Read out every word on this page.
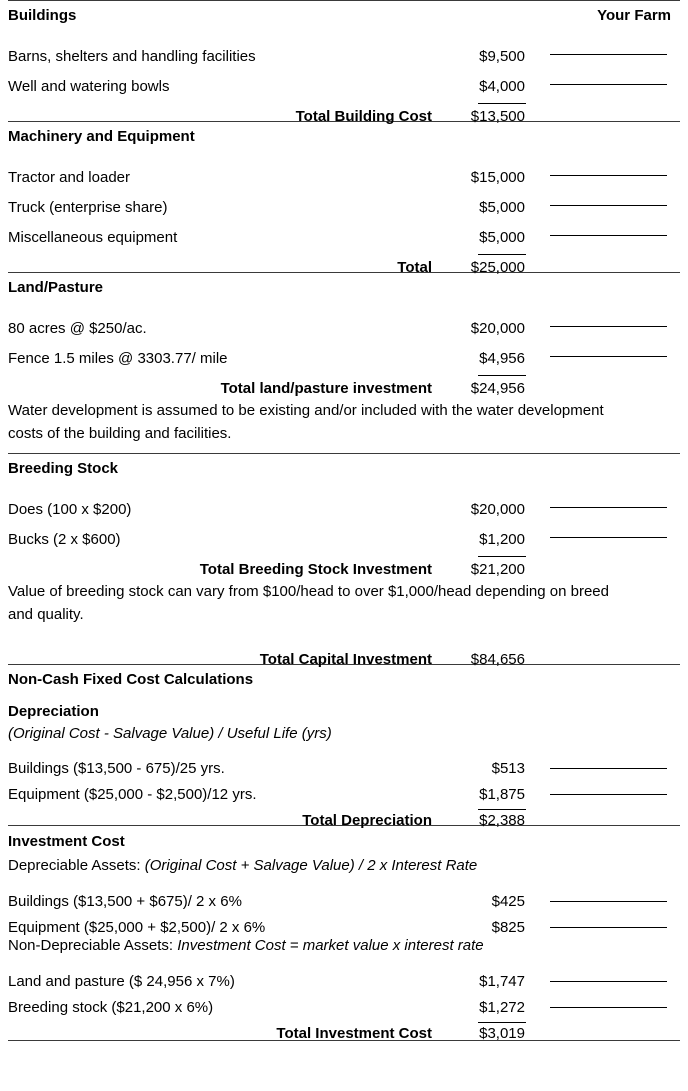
Buildings	Your Farm
Barns, shelters and handling facilities	$9,500
Well and watering bowls	$4,000
Total Building Cost	$13,500
Machinery and Equipment
Tractor and loader	$15,000
Truck (enterprise share)	$5,000
Miscellaneous equipment	$5,000
Total	$25,000
Land/Pasture
80 acres @ $250/ac.	$20,000
Fence 1.5 miles @ 3303.77/ mile	$4,956
Total land/pasture investment	$24,956
Water development is assumed to be existing and/or included with the water development costs of the building and facilities.
Breeding Stock
Does (100 x $200)	$20,000
Bucks (2 x $600)	$1,200
Total Breeding Stock Investment	$21,200
Value of breeding stock can vary from $100/head to over $1,000/head depending on breed and quality.
Total Capital Investment	$84,656
Non-Cash Fixed Cost Calculations
Depreciation
(Original Cost - Salvage Value) / Useful Life (yrs)
Buildings ($13,500 - 675)/25 yrs.	$513
Equipment ($25,000 - $2,500)/12 yrs.	$1,875
Total Depreciation	$2,388
Investment Cost
Depreciable Assets: (Original Cost + Salvage Value) / 2 x Interest Rate
Buildings ($13,500 + $675)/ 2 x 6%	$425
Equipment ($25,000 + $2,500)/ 2 x 6%	$825
Non-Depreciable Assets: Investment Cost = market value x interest rate
Land and pasture ($ 24,956 x 7%)	$1,747
Breeding stock ($21,200 x 6%)	$1,272
Total Investment Cost	$3,019
